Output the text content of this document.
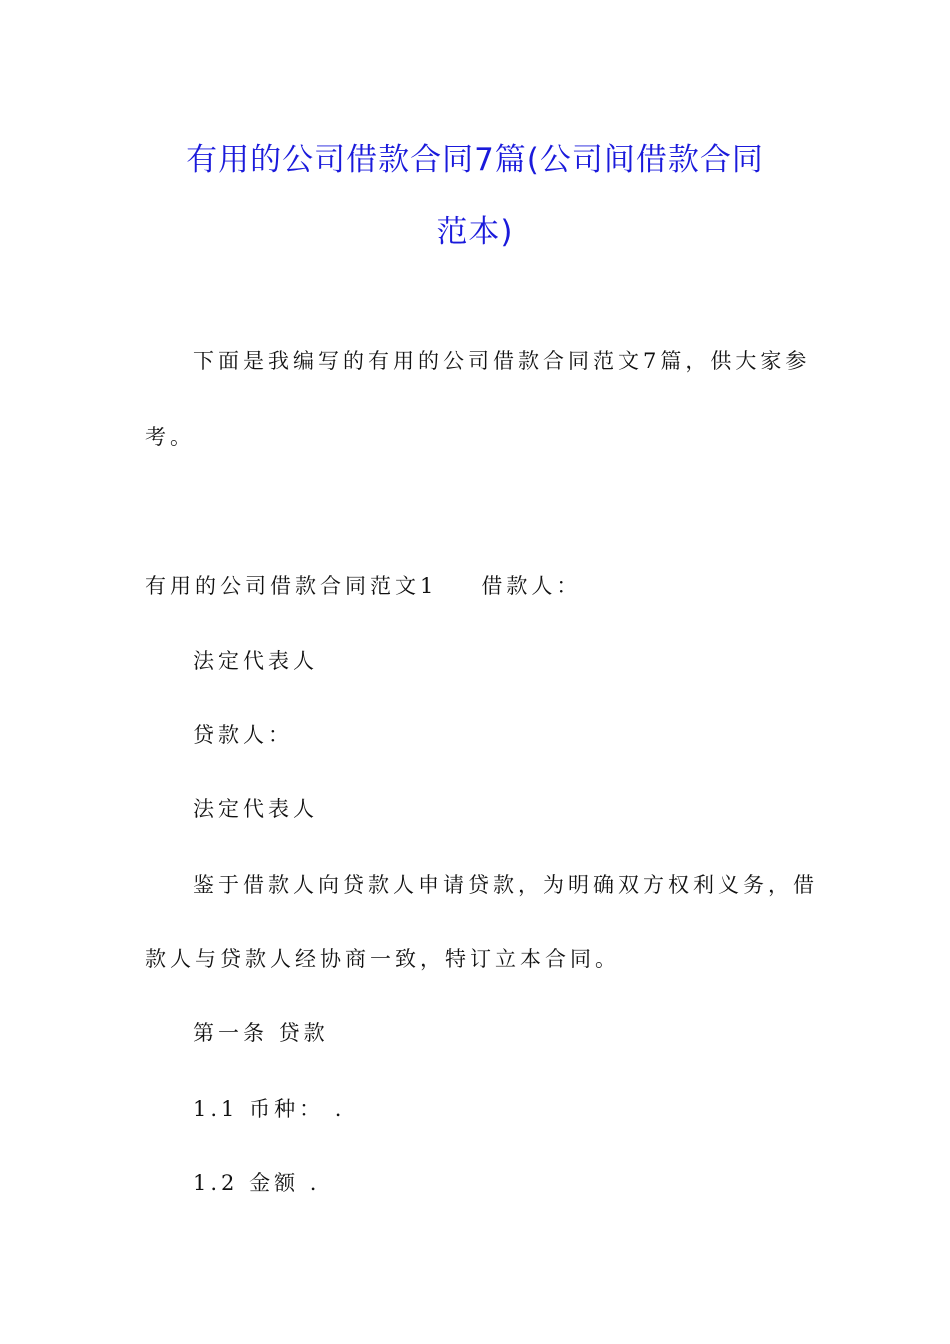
有用的公司借款合同7篇(公司间借款合同
范本)

下面是我编写的有用的公司借款合同范文7篇，供大家参

考。

有用的公司借款合同范文1 借款人：

法定代表人

贷款人：

法定代表人

鉴于借款人向贷款人申请贷款，为明确双方权利义务，借

款人与贷款人经协商一致，特订立本合同。

第一条 贷款

1.1 币种： .

1.2 金额 .
